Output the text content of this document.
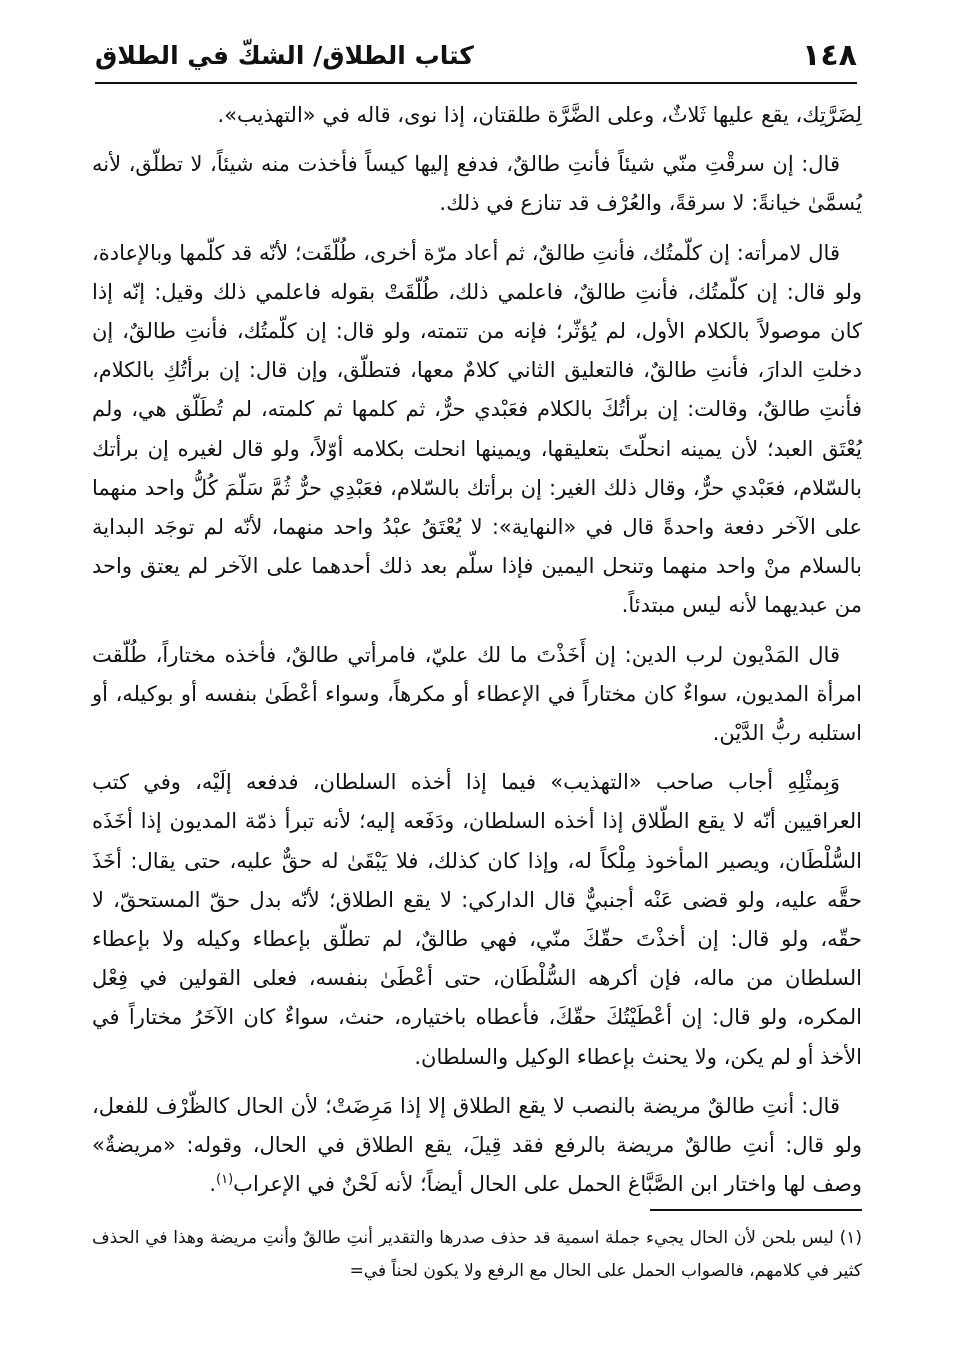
١٤٨
كتاب الطلاق/ الشكّ في الطلاق

لِضَرَّتِك، يقع عليها ثَلاثٌ، وعلى الضَّرَّة طلقتان، إذا نوى، قاله في «التهذيب».

قال: إن سرقْتِ منّي شيئاً فأنتِ طالقٌ، فدفع إليها كيساً فأخذت منه شيئاً، لا تطلّق، لأنه يُسمَّىٰ خيانةً: لا سرقةً، والعُرْف قد تنازع في ذلك.

قال لامرأته: إن كلّمتُك، فأنتِ طالقٌ، ثم أعاد مرّة أخرى، طُلّقَت؛ لأنّه قد كلّمها وبالإعادة، ولو قال: إن كلّمتُك، فأنتِ طالقٌ، فاعلمي ذلك، طُلّقَتْ بقوله فاعلمي ذلك وقيل: إنّه إذا كان موصولاً بالكلام الأول، لم يُؤثّر؛ فإنه من تتمته، ولو قال: إن كلّمتُك، فأنتِ طالقٌ، إن دخلتِ الدارَ، فأنتِ طالقٌ، فالتعليق الثاني كلامٌ معها، فتطلّق، وإن قال: إن برأتُكِ بالكلام، فأنتِ طالقٌ، وقالت: إن برأتُكَ بالكلام فعَبْدي حرٌّ، ثم كلمها ثم كلمته، لم تُطَلّق هي، ولم يُعْتَق العبد؛ لأن يمينه انحلّتَ بتعليقها، ويمينها انحلت بكلامه أوّلاً، ولو قال لغيره إن برأتك بالسّلام، فعَبْدي حرٌّ، وقال ذلك الغير: إن برأتك بالسّلام، فعَبْدِي حرٌّ ثُمَّ سَلّمَ كُلُّ واحد منهما على الآخر دفعة واحدةً قال في «النهاية»: لا يُعْتَقُ عبْدُ واحد منهما، لأنّه لم توجَد البداية بالسلام منْ واحد منهما وتنحل اليمين فإذا سلّم بعد ذلك أحدهما على الآخر لم يعتق واحد من عبديهما لأنه ليس مبتدئاً.

قال المَدْيون لرب الدين: إن أَخَذْتَ ما لك عليّ، فامرأتي طالقٌ، فأخذه مختاراً، طُلّقت امرأة المديون، سواءٌ كان مختاراً في الإعطاء أو مكرهاً، وسواء أعْطَىٰ بنفسه أو بوكيله، أو استلبه ربُّ الدَّيْن.

وَبِمثْلِهِ أجاب صاحب «التهذيب» فيما إذا أخذه السلطان، فدفعه إلَيْه، وفي كتب العراقيين أنّه لا يقع الطّلاق إذا أخذه السلطان، ودَفَعه إليه؛ لأنه تبرأ ذمّة المديون إذا أخَذَه السُّلْطَان، ويصير المأخوذ مِلْكاً له، وإذا كان كذلك، فلا يَبْقَىٰ له حقٌّ عليه، حتى يقال: أخَذَ حقَّه عليه، ولو قضى عَنْه أجنبيٌّ قال الداركي: لا يقع الطلاق؛ لأنّه بدل حقّ المستحقّ، لا حقّه، ولو قال: إن أخذْتَ حقّكَ منّي، فهي طالقٌ، لم تطلّق بإعطاء وكيله ولا بإعطاء السلطان من ماله، فإن أكرهه السُّلْطَان، حتى أعْطَىٰ بنفسه، فعلى القولين في فِعْل المكره، ولو قال: إن أعْطَيْتُكَ حقّكَ، فأعطاه باختياره، حنث، سواءٌ كان الآخَرُ مختاراً في الأخذ أو لم يكن، ولا يحنث بإعطاء الوكيل والسلطان.

قال: أنتِ طالقٌ مريضة بالنصب لا يقع الطلاق إلا إذا مَرِضَتْ؛ لأن الحال كالظّرْف للفعل، ولو قال: أنتِ طالقٌ مريضة بالرفع فقد قِيلَ، يقع الطلاق في الحال، وقوله: «مريضةٌ» وصف لها واختار ابن الصَّبَّاغ الحمل على الحال أيضاً؛ لأنه لَحْنٌ في الإعراب$^{(١)}$.

(١) ليس بلحن لأن الحال يجيء جملة اسمية قد حذف صدرها والتقدير أنتِ طالقٌ وأنتِ مريضة وهذا في الحذف كثير في كلامهم، فالصواب الحمل على الحال مع الرفع ولا يكون لحناً في=
